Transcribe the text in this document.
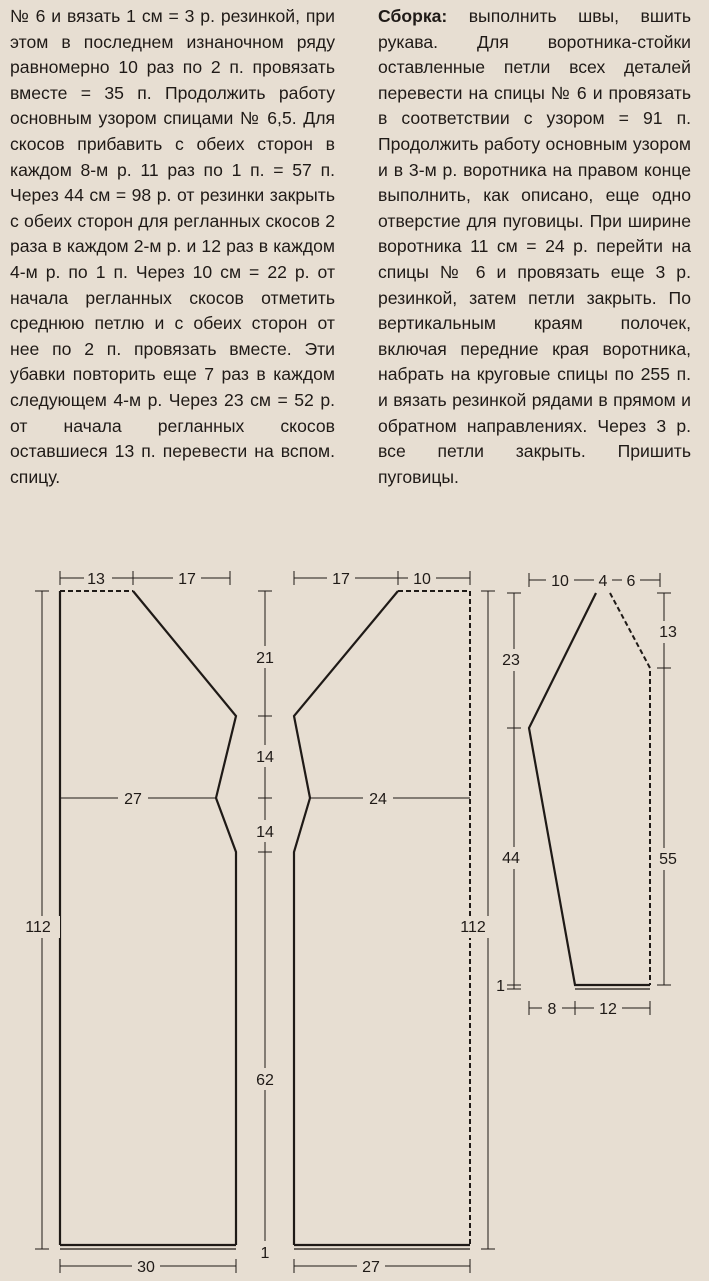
№ 6 и вязать 1 см = 3 р. резинкой, при этом в последнем изнаночном ряду равномерно 10 раз по 2 п. провязать вместе = 35 п. Продолжить работу основным узором спицами № 6,5. Для скосов прибавить с обеих сторон в каждом 8-м р. 11 раз по 1 п. = 57 п. Через 44 см = 98 р. от резинки закрыть с обеих сторон для регланных скосов 2 раза в каждом 2-м р. и 12 раз в каждом 4-м р. по 1 п. Через 10 см = 22 р. от начала регланных скосов отметить среднюю петлю и с обеих сторон от нее по 2 п. провязать вместе. Эти убавки повторить еще 7 раз в каждом следующем 4-м р. Через 23 см = 52 р. от начала регланных скосов оставшиеся 13 п. перевести на вспом. спицу.

Сборка: выполнить швы, вшить рукава. Для воротника-стойки оставленные петли всех деталей перевести на спицы № 6 и провязать в соответствии с узором = 91 п. Продолжить работу основным узором и в 3-м р. воротника на правом конце выполнить, как описано, еще одно отверстие для пуговицы. При ширине воротника 11 см = 24 р. перейти на спицы № 6 и провязать еще 3 р. резинкой, затем петли закрыть. По вертикальным краям полочек, включая передние края воротника, набрать на круговые спицы по 255 п. и вязать резинкой рядами в прямом и обратном направлениях. Через 3 р. все петли закрыть. Пришить пуговицы.

13	17	17	10
21
14
14
62
27	24
112	112
1
30	27
10 4 6
23
13
44	55
1
8	12
